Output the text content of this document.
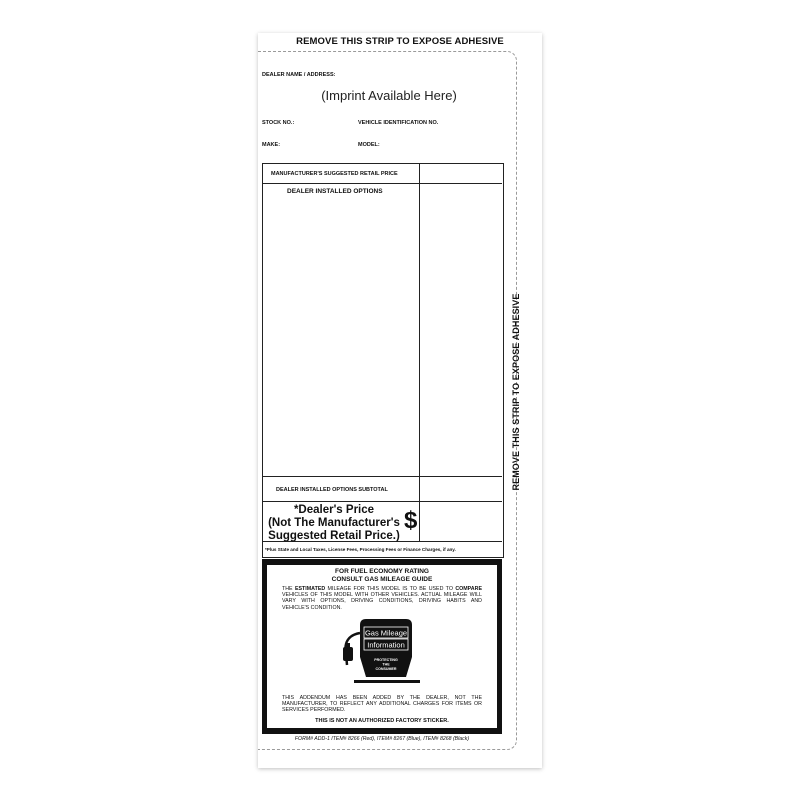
REMOVE THIS STRIP TO EXPOSE ADHESIVE
REMOVE THIS STRIP TO EXPOSE ADHESIVE
DEALER NAME / ADDRESS:
(Imprint Available Here)
STOCK NO.:	VEHICLE IDENTIFICATION NO.
MAKE:	MODEL:
MANUFACTURER'S SUGGESTED RETAIL PRICE
DEALER INSTALLED OPTIONS
DEALER INSTALLED OPTIONS SUBTOTAL
*Dealer's Price
(Not The Manufacturer's
Suggested Retail Price.)
$
*Plus State and Local Taxes, License Fees, Processing Fees or Finance Charges, if any.
FOR FUEL ECONOMY RATING
CONSULT GAS MILEAGE GUIDE
THE ESTIMATED MILEAGE FOR THIS MODEL IS TO BE USED TO COMPARE VEHICLES OF THIS MODEL WITH OTHER VEHICLES. ACTUAL MILEAGE WILL VARY WITH OPTIONS, DRIVING CONDITIONS, DRIVING HABITS AND VEHICLE'S CONDITION.
Gas Mileage
Information
PROTECTING
THE
CONSUMER
THIS ADDENDUM HAS BEEN ADDED BY THE DEALER, NOT THE MANUFACTURER, TO REFLECT ANY ADDITIONAL CHARGES FOR ITEMS OR SERVICES PERFORMED.
THIS IS NOT AN AUTHORIZED FACTORY STICKER.
FORM# ADD-1 ITEM# 8266 (Red), ITEM# 8267 (Blue), ITEM# 8268 (Black)
